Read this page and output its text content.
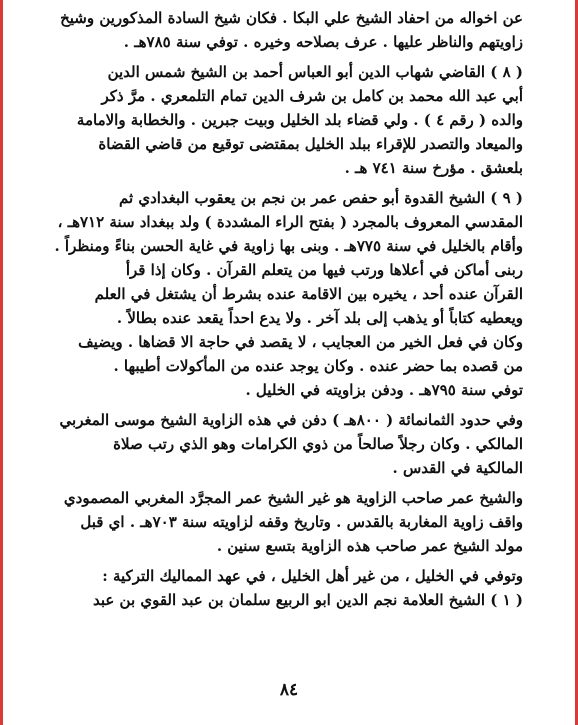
عن اخواله من احفاد الشيخ علي البكا . فكان شيخ السادة المذكورين وشيخ
زاويتهم والناظر عليها . عرف بصلاحه وخيره . توفي سنة ٧٨٥هـ .

( ٨ ) القاضي شهاب الدين أبو العباس أحمد بن الشيخ شمس الدين
أبي عبد الله محمد بن كامل بن شرف الدين تمام التلمعري . مرَّ ذكر
والده ( رقم ٤ ) . ولي قضاء بلد الخليل وبيت جبرين . والخطابة والامامة
والميعاد والتصدر للإقراء ببلد الخليل بمقتضى توقيع من قاضي القضاة
بلعشق . مؤرخ سنة ٧٤١ هـ .

( ٩ ) الشيخ القدوة أبو حفص عمر بن نجم بن يعقوب البغدادي ثم
المقدسي المعروف بالمجرد ( بفتح الراء المشددة ) ولد ببغداد سنة ٧١٢هـ ،
وأقام بالخليل في سنة ٧٧٥هـ . وبنى بها زاوية في غاية الحسن بناءً ومنظراً .
ربنى أماكن في أعلاها ورتب فيها من يتعلم القرآن . وكان إذا قرأ
القرآن عنده أحد ، يخيره بين الاقامة عنده بشرط أن يشتغل في العلم
ويعطيه كتاباً أو يذهب إلى بلد آخر . ولا يدع احداً يقعد عنده بطالاً .
وكان في فعل الخير من العجايب ، لا يقصد في حاجة الا قضاها . ويضيف
من قصده بما حضر عنده . وكان يوجد عنده من المأكولات أطيبها .
توفي سنة ٧٩٥هـ . ودفن بزاويته في الخليل .

وفي حدود الثمانمائة ( ٨٠٠هـ ) دفن في هذه الزاوية الشيخ موسى المغربي
المالكي . وكان رجلاً صالحاً من ذوي الكرامات وهو الذي رتب صلاة
المالكية في القدس .

والشيخ عمر صاحب الزاوية هو غير الشيخ عمر المجرَّد المغربي المصمودي
واقف زاوية المغاربة بالقدس . وتاريخ وقفه لزاويته سنة ٧٠٣هـ . اي قبل
مولد الشيخ عمر صاحب هذه الزاوية بتسع سنين .

وتوفي في الخليل ، من غير أهل الخليل ، في عهد المماليك التركية :
( ١ ) الشيخ العلامة نجم الدين ابو الربيع سلمان بن عبد القوي بن عبد

٨٤
